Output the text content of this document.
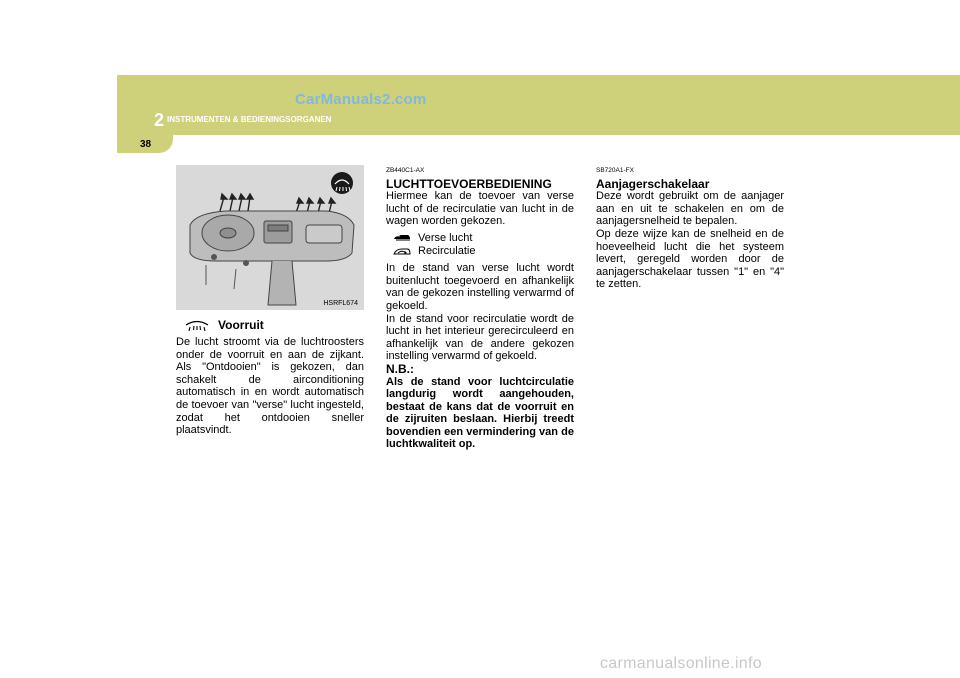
CarManuals2.com
2 INSTRUMENTEN & BEDIENINGSORGANEN
38
HSRFL674
Voorruit

De lucht stroomt via de luchtroosters onder de voorruit en aan de zijkant. Als "Ontdooien" is gekozen, dan schakelt de airconditioning automatisch in en wordt automatisch de toevoer van "verse" lucht ingesteld, zodat het ontdooien sneller plaatsvindt.

ZB440C1-AX

LUCHTTOEVOERBEDIENING

Hiermee kan de toevoer van verse lucht of de recirculatie van lucht in de wagen worden gekozen.

Verse lucht
Recirculatie

In de stand van verse lucht wordt buitenlucht toegevoerd en afhankelijk van de gekozen instelling verwarmd of gekoeld.

In de stand voor recirculatie wordt de lucht in het interieur gerecirculeerd en afhankelijk van de andere gekozen instelling verwarmd of gekoeld.

N.B.:

Als de stand voor luchtcirculatie langdurig wordt aangehouden, bestaat de kans dat de voorruit en de zijruiten beslaan. Hierbij treedt bovendien een vermindering van de luchtkwaliteit op.

SB720A1-FX

Aanjagerschakelaar

Deze wordt gebruikt om de aanjager aan en uit te schakelen en om de aanjagersnelheid te bepalen.

Op deze wijze kan de snelheid en de hoeveelheid lucht die het systeem levert, geregeld worden door de aanjagerschakelaar tussen "1" en "4" te zetten.

carmanualsonline.info
